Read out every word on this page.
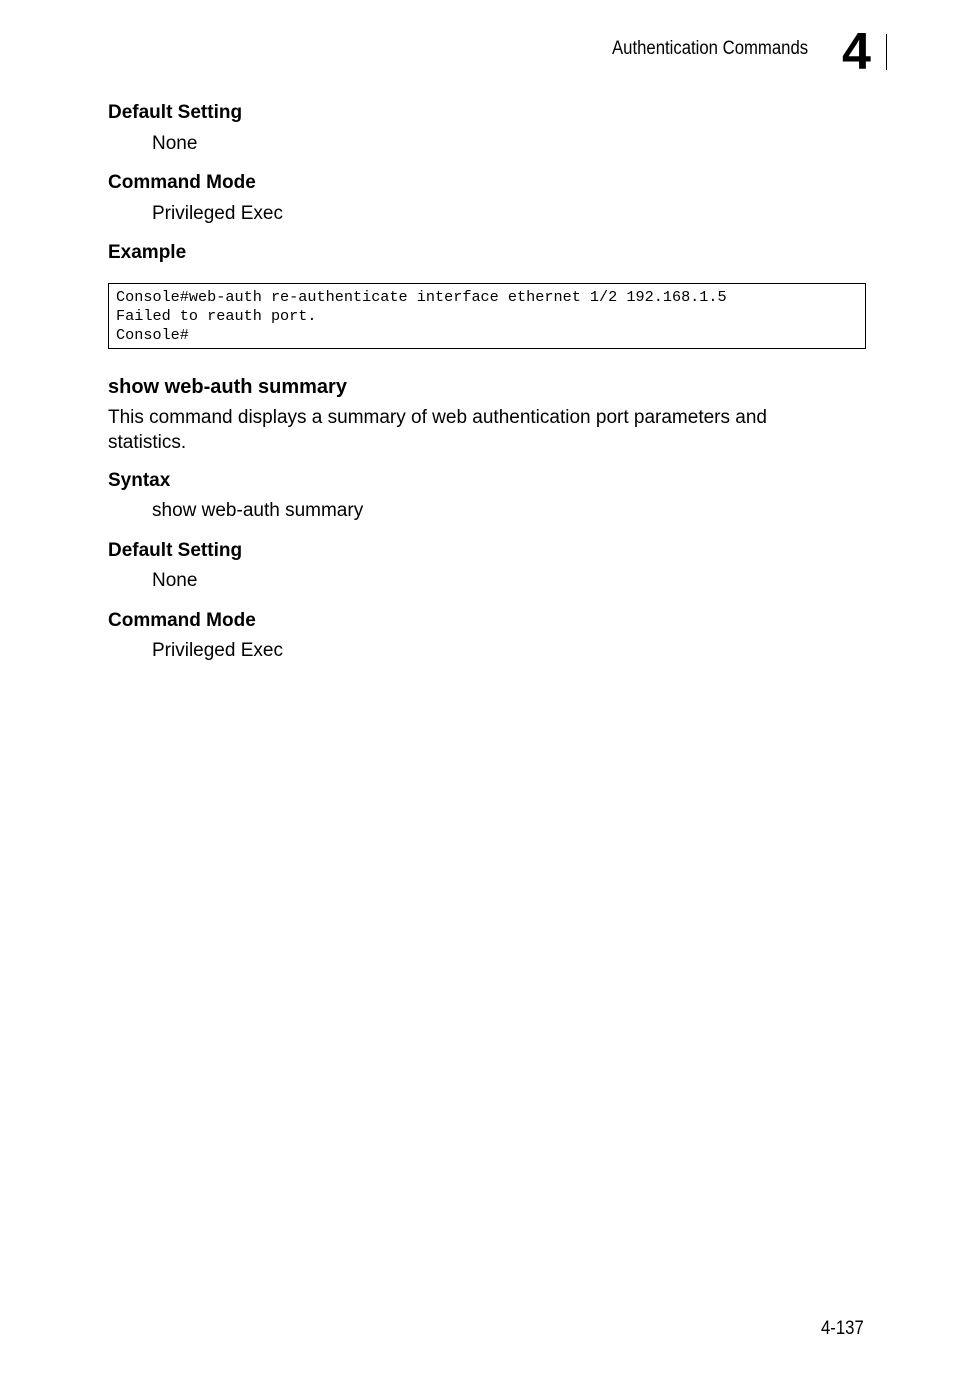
Authentication Commands 4
Default Setting
None
Command Mode
Privileged Exec
Example
Console#web-auth re-authenticate interface ethernet 1/2 192.168.1.5
Failed to reauth port.
Console#
show web-auth summary
This command displays a summary of web authentication port parameters and statistics.
Syntax
show web-auth summary
Default Setting
None
Command Mode
Privileged Exec
4-137
